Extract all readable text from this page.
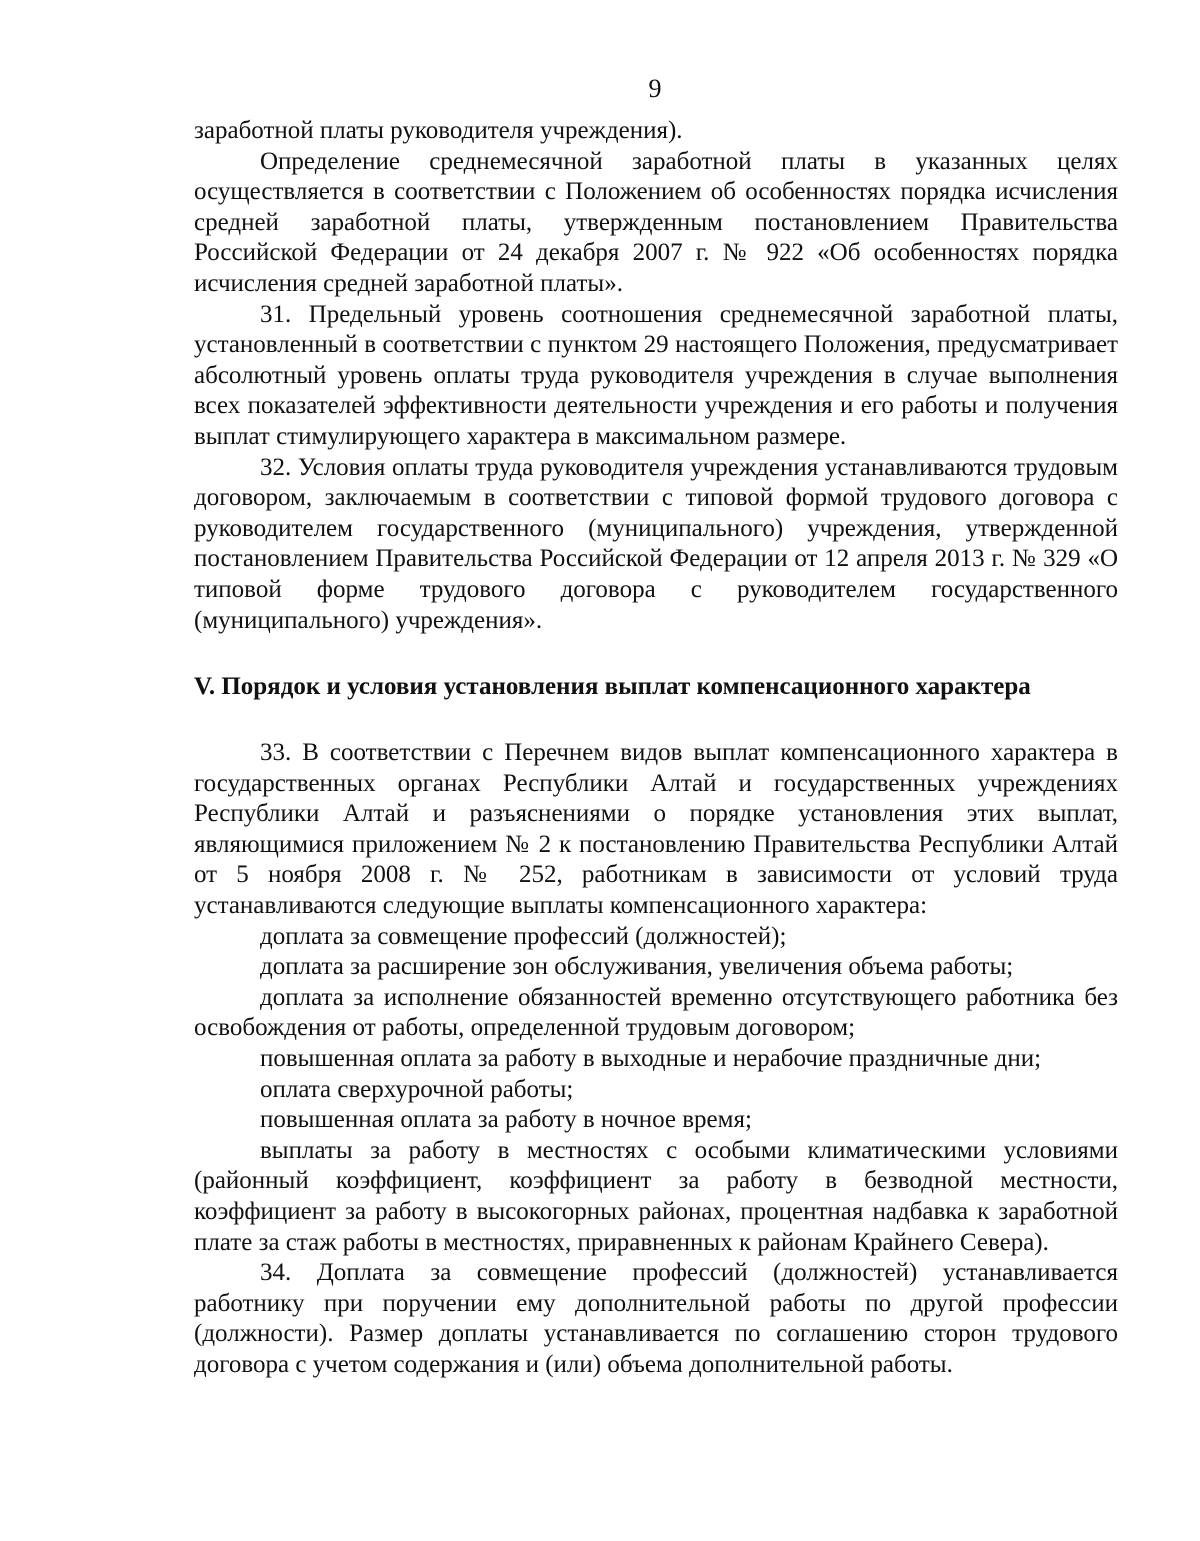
9

заработной платы руководителя учреждения).

Определение среднемесячной заработной платы в указанных целях осуществляется в соответствии с Положением об особенностях порядка исчисления средней заработной платы, утвержденным постановлением Правительства Российской Федерации от 24 декабря 2007 г. № 922 «Об особенностях порядка исчисления средней заработной платы».

31. Предельный уровень соотношения среднемесячной заработной платы, установленный в соответствии с пунктом 29 настоящего Положения, предусматривает абсолютный уровень оплаты труда руководителя учреждения в случае выполнения всех показателей эффективности деятельности учреждения и его работы и получения выплат стимулирующего характера в максимальном размере.

32. Условия оплаты труда руководителя учреждения устанавливаются трудовым договором, заключаемым в соответствии с типовой формой трудового договора с руководителем государственного (муниципального) учреждения, утвержденной постановлением Правительства Российской Федерации от 12 апреля 2013 г. № 329 «О типовой форме трудового договора с руководителем государственного (муниципального) учреждения».

V. Порядок и условия установления выплат компенсационного характера

33. В соответствии с Перечнем видов выплат компенсационного характера в государственных органах Республики Алтай и государственных учреждениях Республики Алтай и разъяснениями о порядке установления этих выплат, являющимися приложением № 2 к постановлению Правительства Республики Алтай от 5 ноября 2008 г. № 252, работникам в зависимости от условий труда устанавливаются следующие выплаты компенсационного характера:

доплата за совмещение профессий (должностей);

доплата за расширение зон обслуживания, увеличения объема работы;

доплата за исполнение обязанностей временно отсутствующего работника без освобождения от работы, определенной трудовым договором;

повышенная оплата за работу в выходные и нерабочие праздничные дни;

оплата сверхурочной работы;

повышенная оплата за работу в ночное время;

выплаты за работу в местностях с особыми климатическими условиями (районный коэффициент, коэффициент за работу в безводной местности, коэффициент за работу в высокогорных районах, процентная надбавка к заработной плате за стаж работы в местностях, приравненных к районам Крайнего Севера).

34. Доплата за совмещение профессий (должностей) устанавливается работнику при поручении ему дополнительной работы по другой профессии (должности). Размер доплаты устанавливается по соглашению сторон трудового договора с учетом содержания и (или) объема дополнительной работы.
